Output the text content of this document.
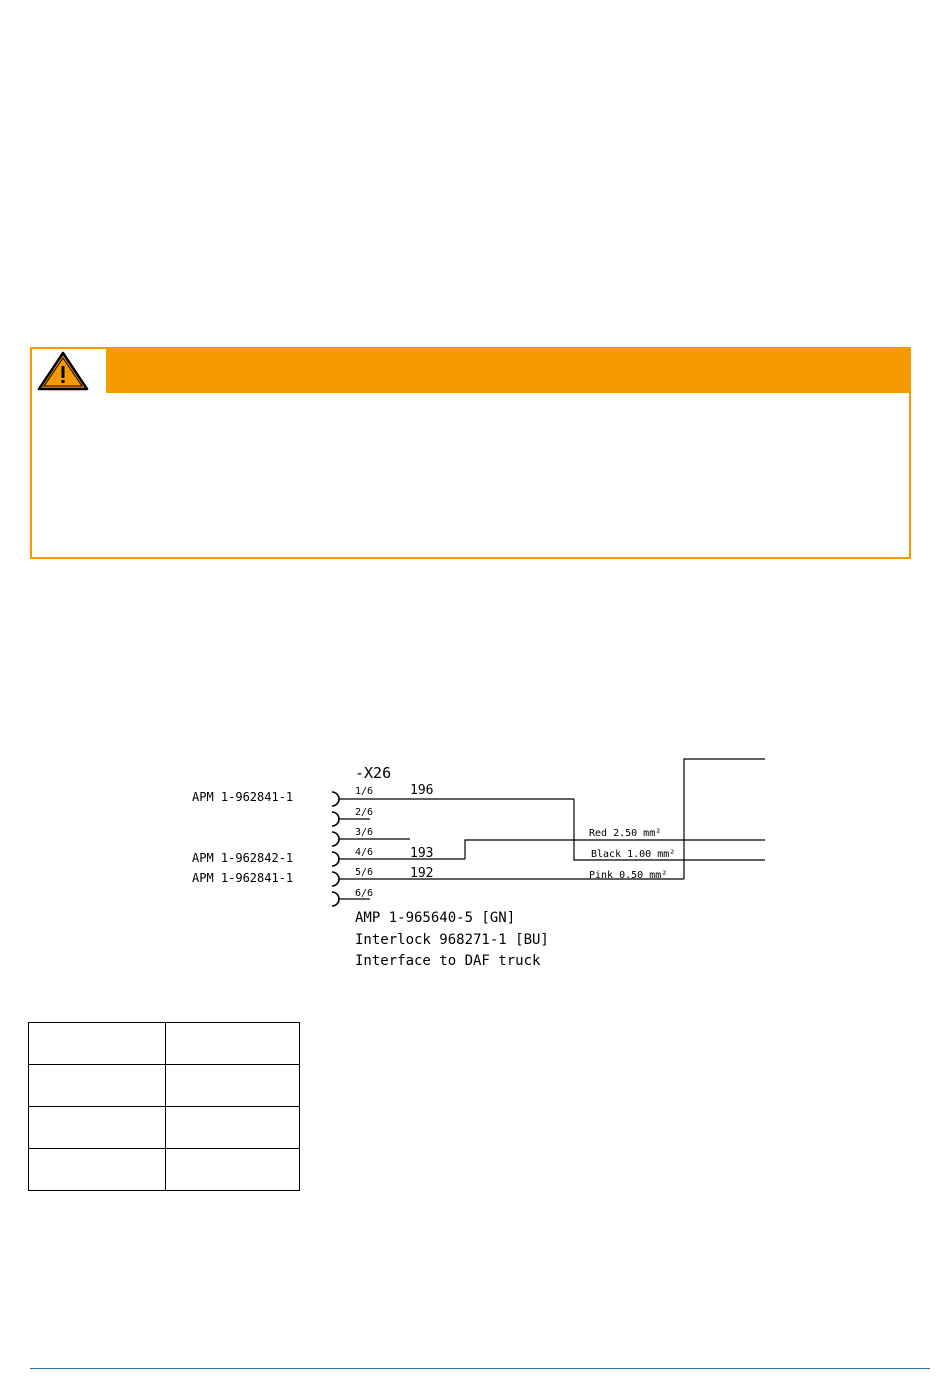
-X26
APM 1-962841-1
APM 1-962842-1
APM 1-962841-1
1/6
2/6
3/6
4/6
5/6
6/6
196
193
192
Red 2.50 mm²
Black 1.00 mm²
Pink 0.50 mm²
AMP 1-965640-5 [GN]
Interlock 968271-1 [BU]
Interface to DAF truck
